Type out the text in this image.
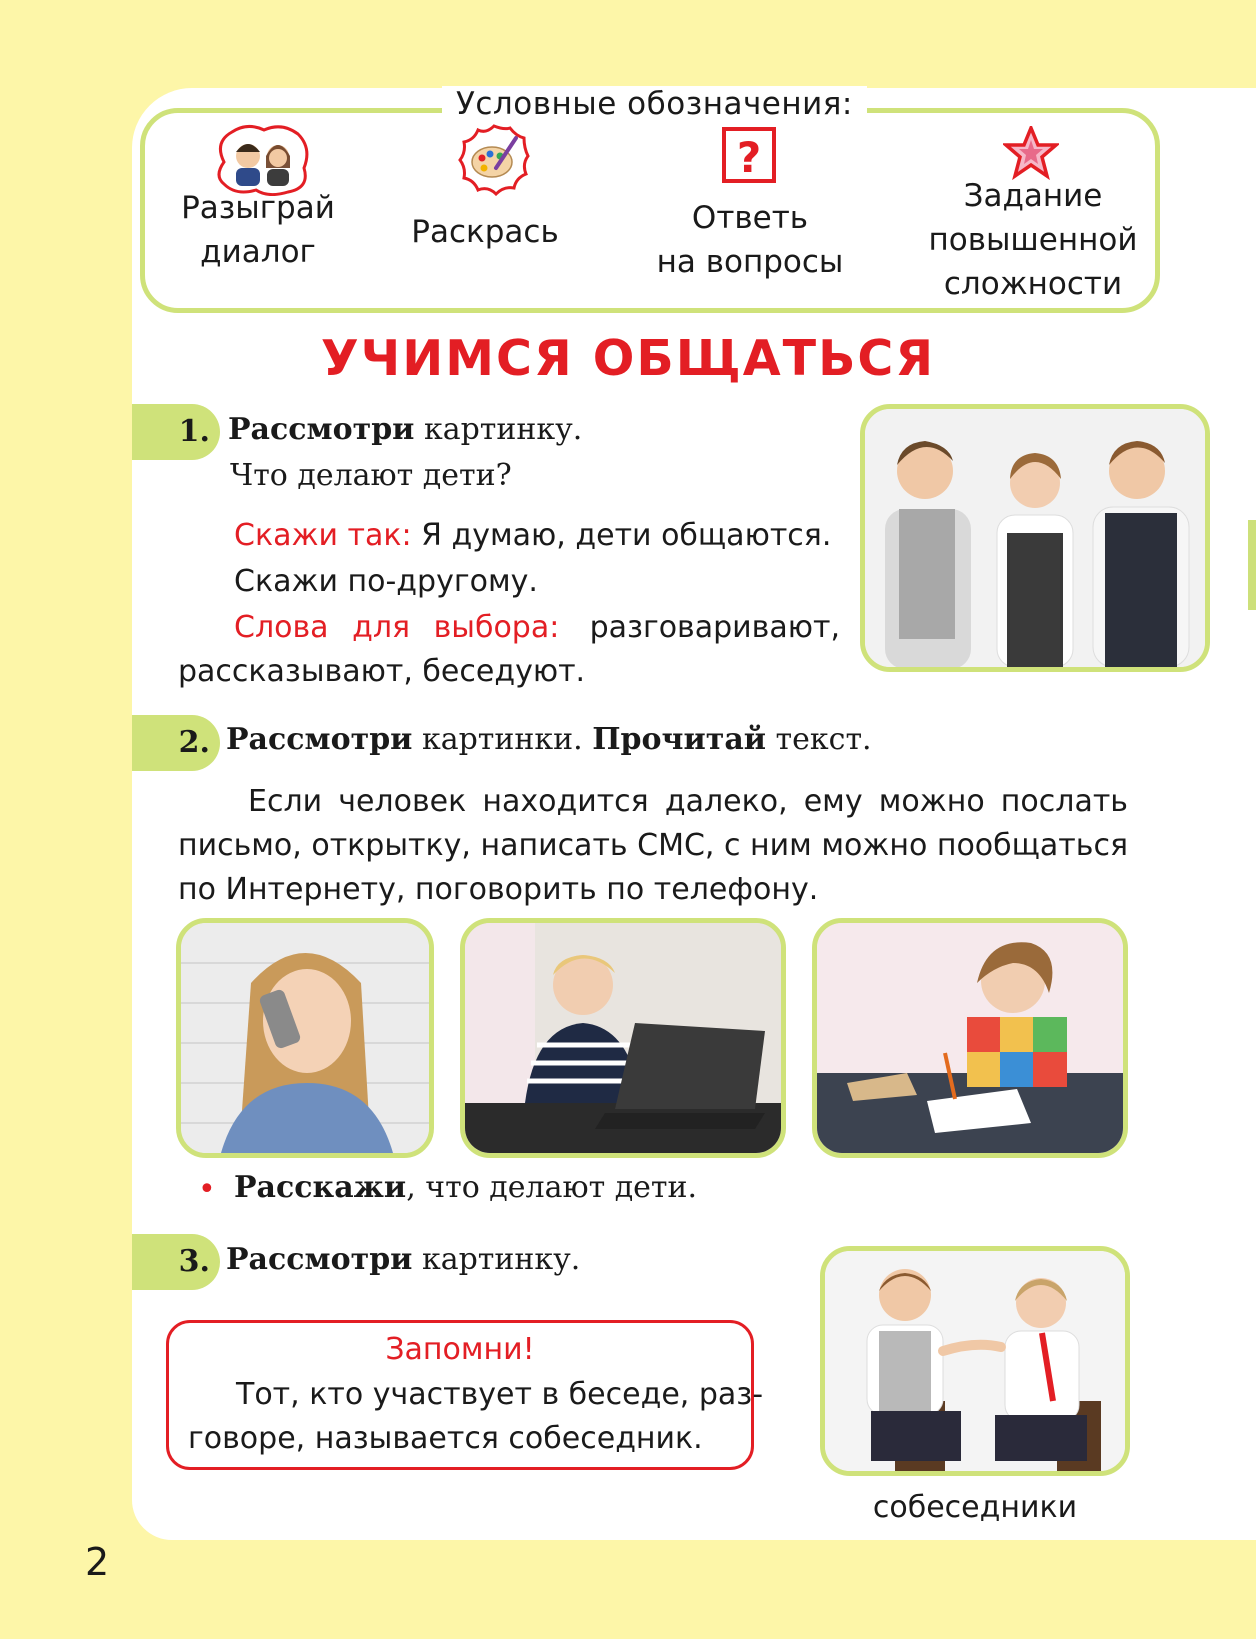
Условные обозначения:
Разыграй
диалог
Раскрась
?
Ответь
на вопросы
Задание
повышенной
сложности
УЧИМСЯ ОБЩАТЬСЯ
1. Рассмотри картинку.
Что делают дети?
Скажи так: Я думаю, дети общаются.
Скажи по-другому.
Слова для выбора: разговаривают,
рассказывают, беседуют.
2. Рассмотри картинки. Прочитай текст.
Если человек находится далеко, ему можно послать
письмо, открытку, написать СМС, с ним можно пообщаться
по Интернету, поговорить по телефону.
• Расскажи, что делают дети.
3. Рассмотри картинку.
Запомни!
Тот, кто участвует в беседе, раз-
говоре, называется собеседник.
собеседники
2
